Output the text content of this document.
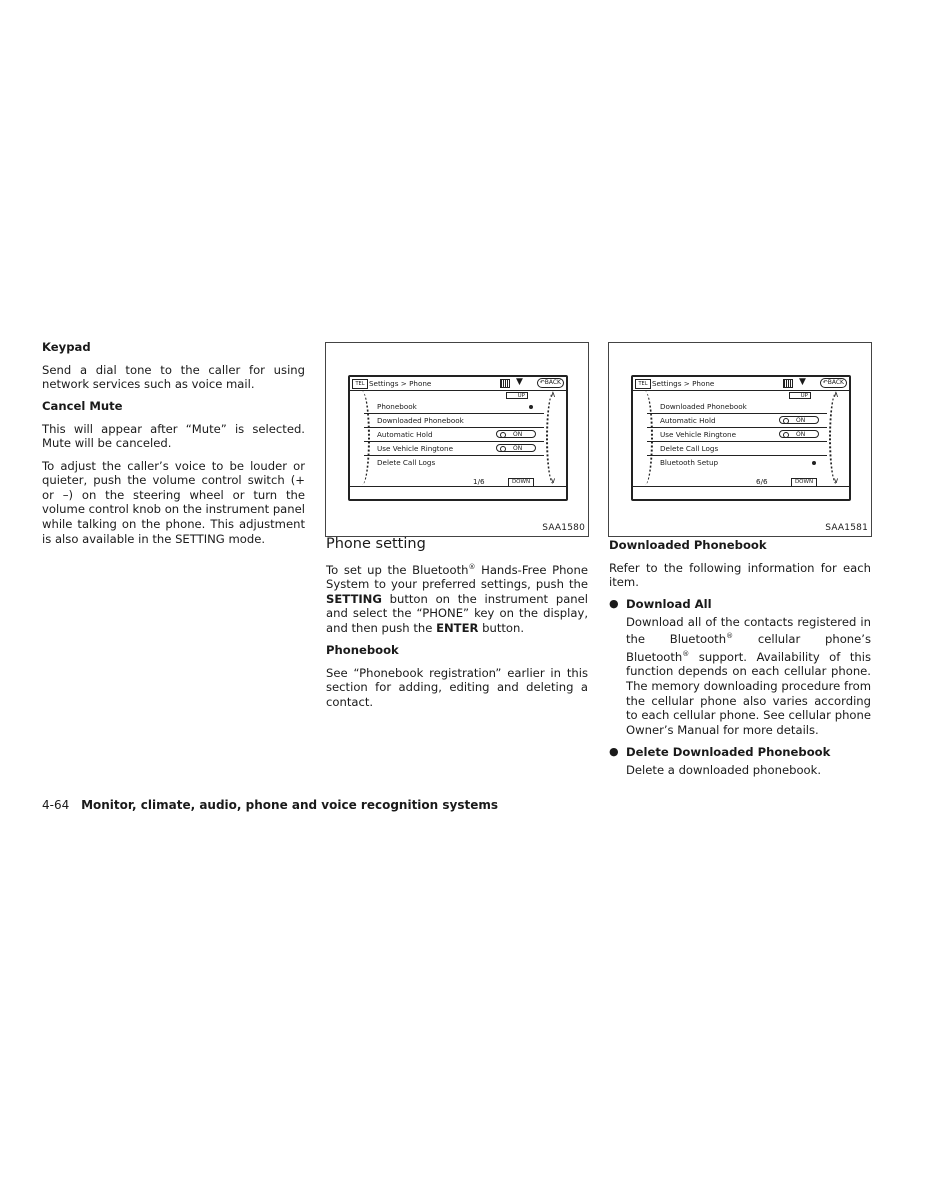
Keypad

Send a dial tone to the caller for using network services such as voice mail.

Cancel Mute

This will appear after “Mute” is selected. Mute will be canceled.

To adjust the caller’s voice to be louder or quieter, push the volume control switch (+ or –) on the steering wheel or turn the volume control knob on the instrument panel while talking on the phone. This adjustment is also available in the SETTING mode.

TEL Settings > Phone	▼	↶BACK
UP	∧
Phonebook
Downloaded Phonebook
Automatic Hold	ON
Use Vehicle Ringtone	ON
Delete Call Logs
1/6	DOWN	∨
SAA1580
TEL Settings > Phone	▼	↶BACK
UP	∧
Downloaded Phonebook
Automatic Hold	ON
Use Vehicle Ringtone	ON
Delete Call Logs
Bluetooth Setup
6/6	DOWN	∨
SAA1581
Phone setting

To set up the Bluetooth® Hands-Free Phone System to your preferred settings, push the SETTING button on the instrument panel and select the “PHONE” key on the display, and then push the ENTER button.

Phonebook

See “Phonebook registration” earlier in this section for adding, editing and deleting a contact.

Downloaded Phonebook

Refer to the following information for each item.

● Download All

Download all of the contacts registered in the Bluetooth® cellular phone’s Bluetooth® support. Availability of this function depends on each cellular phone. The memory downloading procedure from the cellular phone also varies according to each cellular phone. See cellular phone Owner’s Manual for more details.

● Delete Downloaded Phonebook

Delete a downloaded phonebook.

4-64 Monitor, climate, audio, phone and voice recognition systems
